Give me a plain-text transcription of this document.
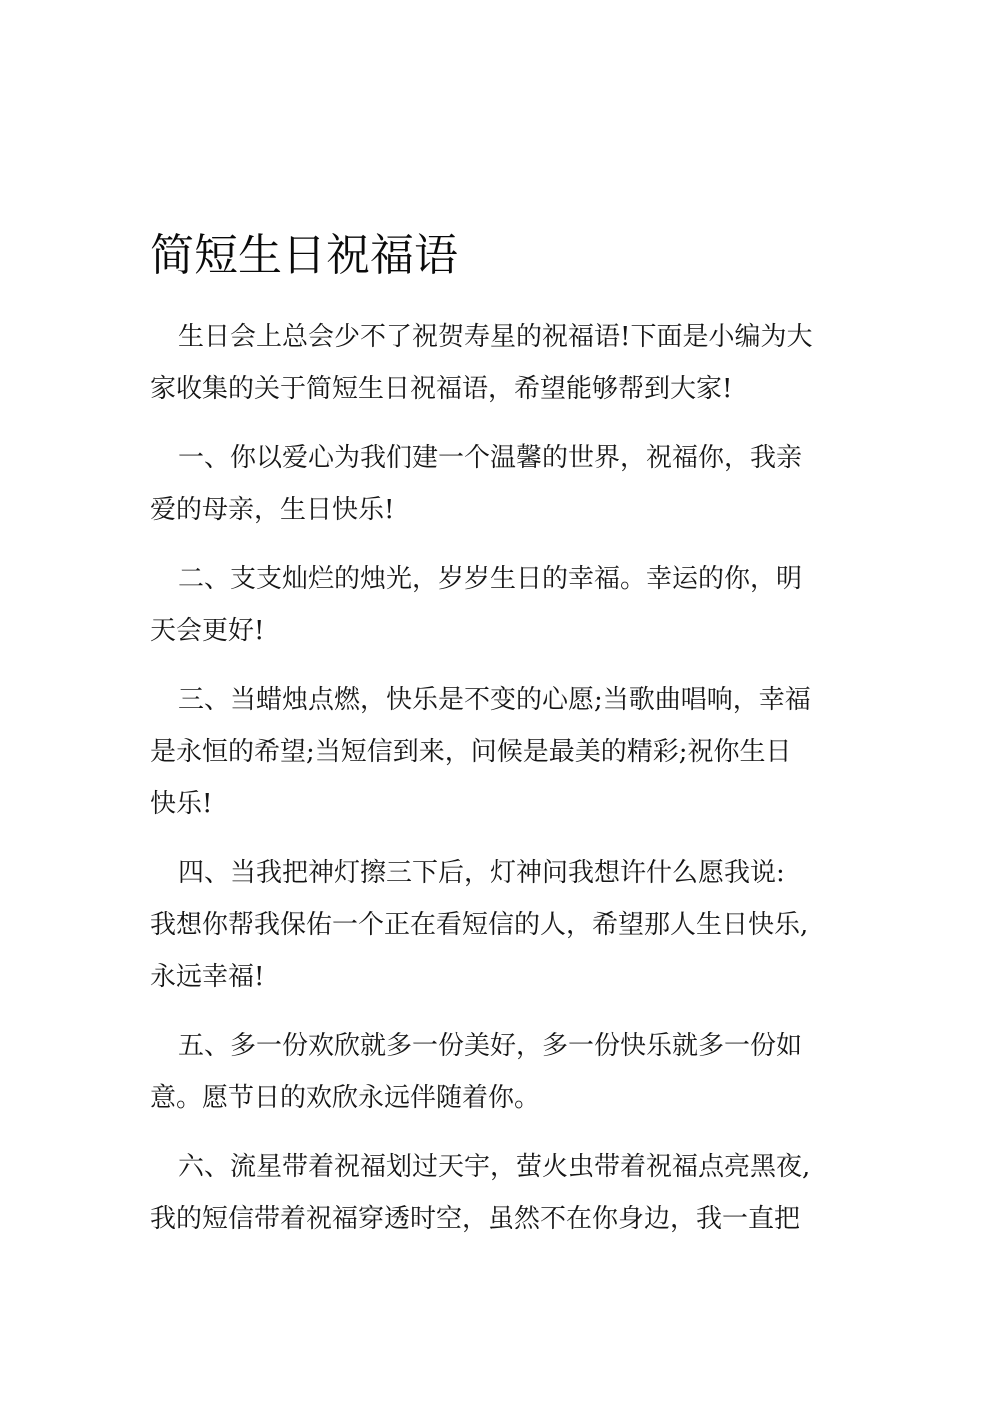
简短生日祝福语
生日会上总会少不了祝贺寿星的祝福语!下面是小编为大
家收集的关于简短生日祝福语，希望能够帮到大家!
一、你以爱心为我们建一个温馨的世界，祝福你，我亲
爱的母亲，生日快乐!
二、支支灿烂的烛光，岁岁生日的幸福。幸运的你，明
天会更好!
三、当蜡烛点燃，快乐是不变的心愿;当歌曲唱响，幸福
是永恒的希望;当短信到来，问候是最美的精彩;祝你生日
快乐!
四、当我把神灯擦三下后，灯神问我想许什么愿我说:
我想你帮我保佑一个正在看短信的人，希望那人生日快乐,
永远幸福!
五、多一份欢欣就多一份美好，多一份快乐就多一份如
意。愿节日的欢欣永远伴随着你。
六、流星带着祝福划过天宇，萤火虫带着祝福点亮黑夜,
我的短信带着祝福穿透时空，虽然不在你身边，我一直把
